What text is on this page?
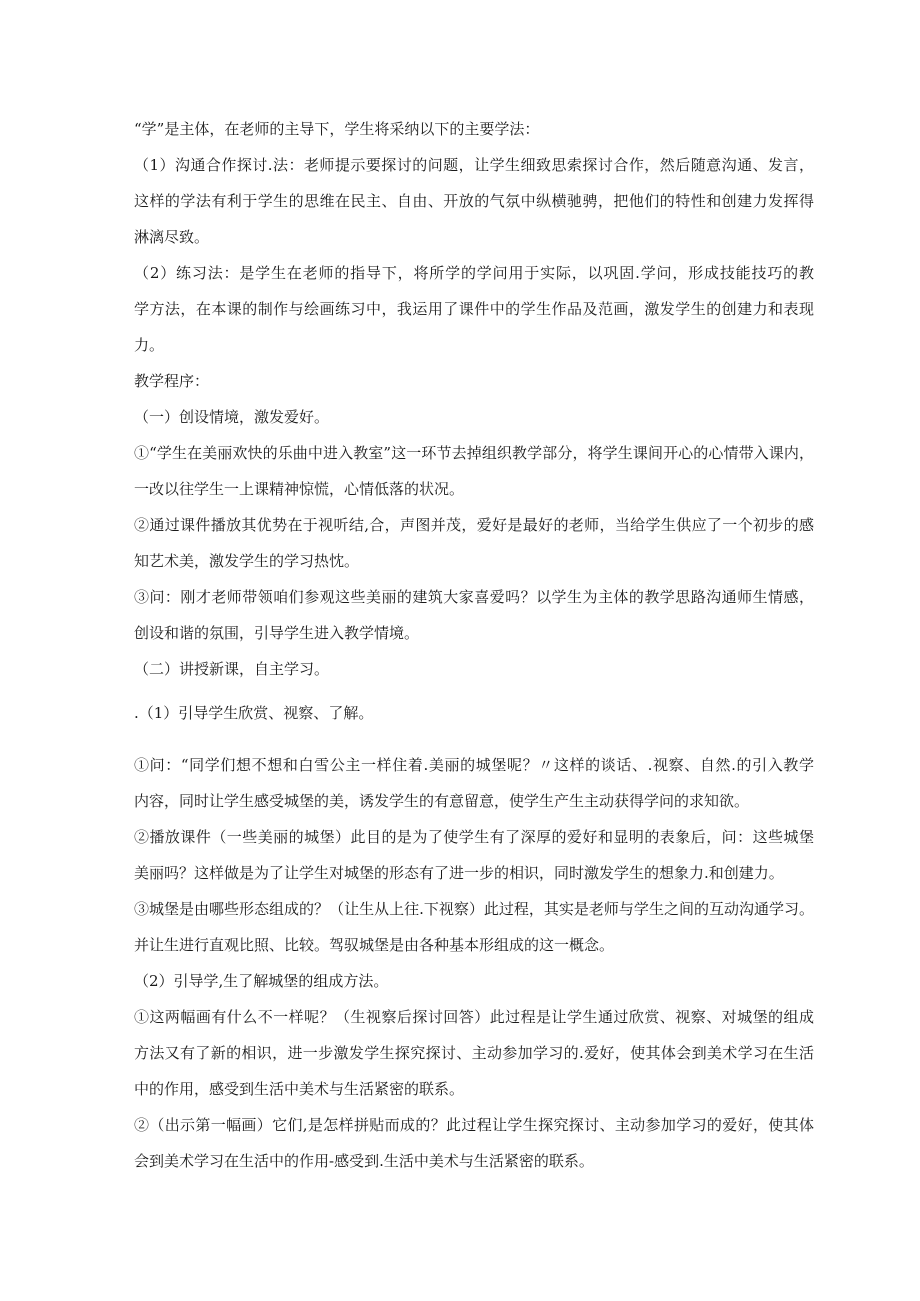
“学”是主体，在老师的主导下，学生将采纳以下的主要学法：
（1）沟通合作探讨.法：老师提示要探讨的问题，让学生细致思索探讨合作，然后随意沟通、发言，
这样的学法有利于学生的思维在民主、自由、开放的气氛中纵横驰骋，把他们的特性和创建力发挥得
淋漓尽致。
（2）练习法：是学生在老师的指导下，将所学的学问用于实际，以巩固.学问，形成技能技巧的教
学方法，在本课的制作与绘画练习中，我运用了课件中的学生作品及范画，激发学生的创建力和表现
力。
教学程序：
（一）创设情境，激发爱好。
①“学生在美丽欢快的乐曲中进入教室”这一环节去掉组织教学部分，将学生课间开心的心情带入课内，
一改以往学生一上课精神惊慌，心情低落的状况。
②通过课件播放其优势在于视听结,合，声图并茂，爱好是最好的老师，当给学生供应了一个初步的感
知艺术美，激发学生的学习热忱。
③问：刚才老师带领咱们参观这些美丽的建筑大家喜爱吗？以学生为主体的教学思路沟通师生情感，
创设和谐的氛围，引导学生进入教学情境。
（二）讲授新课，自主学习。
.（1）引导学生欣赏、视察、了解。
①问：“同学们想不想和白雪公主一样住着.美丽的城堡呢？〃这样的谈话、.视察、自然.的引入教学
内容，同时让学生感受城堡的美，诱发学生的有意留意，使学生产生主动获得学问的求知欲。
②播放课件（一些美丽的城堡）此目的是为了使学生有了深厚的爱好和显明的表象后，问：这些城堡
美丽吗？这样做是为了让学生对城堡的形态有了进一步的相识，同时激发学生的想象力.和创建力。
③城堡是由哪些形态组成的？（让生从上往.下视察）此过程，其实是老师与学生之间的互动沟通学习。
并让生进行直观比照、比较。驾驭城堡是由各种基本形组成的这一概念。
（2）引导学,生了解城堡的组成方法。
①这两幅画有什么不一样呢？（生视察后探讨回答）此过程是让学生通过欣赏、视察、对城堡的组成
方法又有了新的相识，进一步激发学生探究探讨、主动参加学习的.爱好，使其体会到美术学习在生活
中的作用，感受到生活中美术与生活紧密的联系。
②（出示第一幅画）它们,是怎样拼贴而成的？此过程让学生探究探讨、主动参加学习的爱好，使其体
会到美术学习在生活中的作用-感受到.生活中美术与生活紧密的联系。
